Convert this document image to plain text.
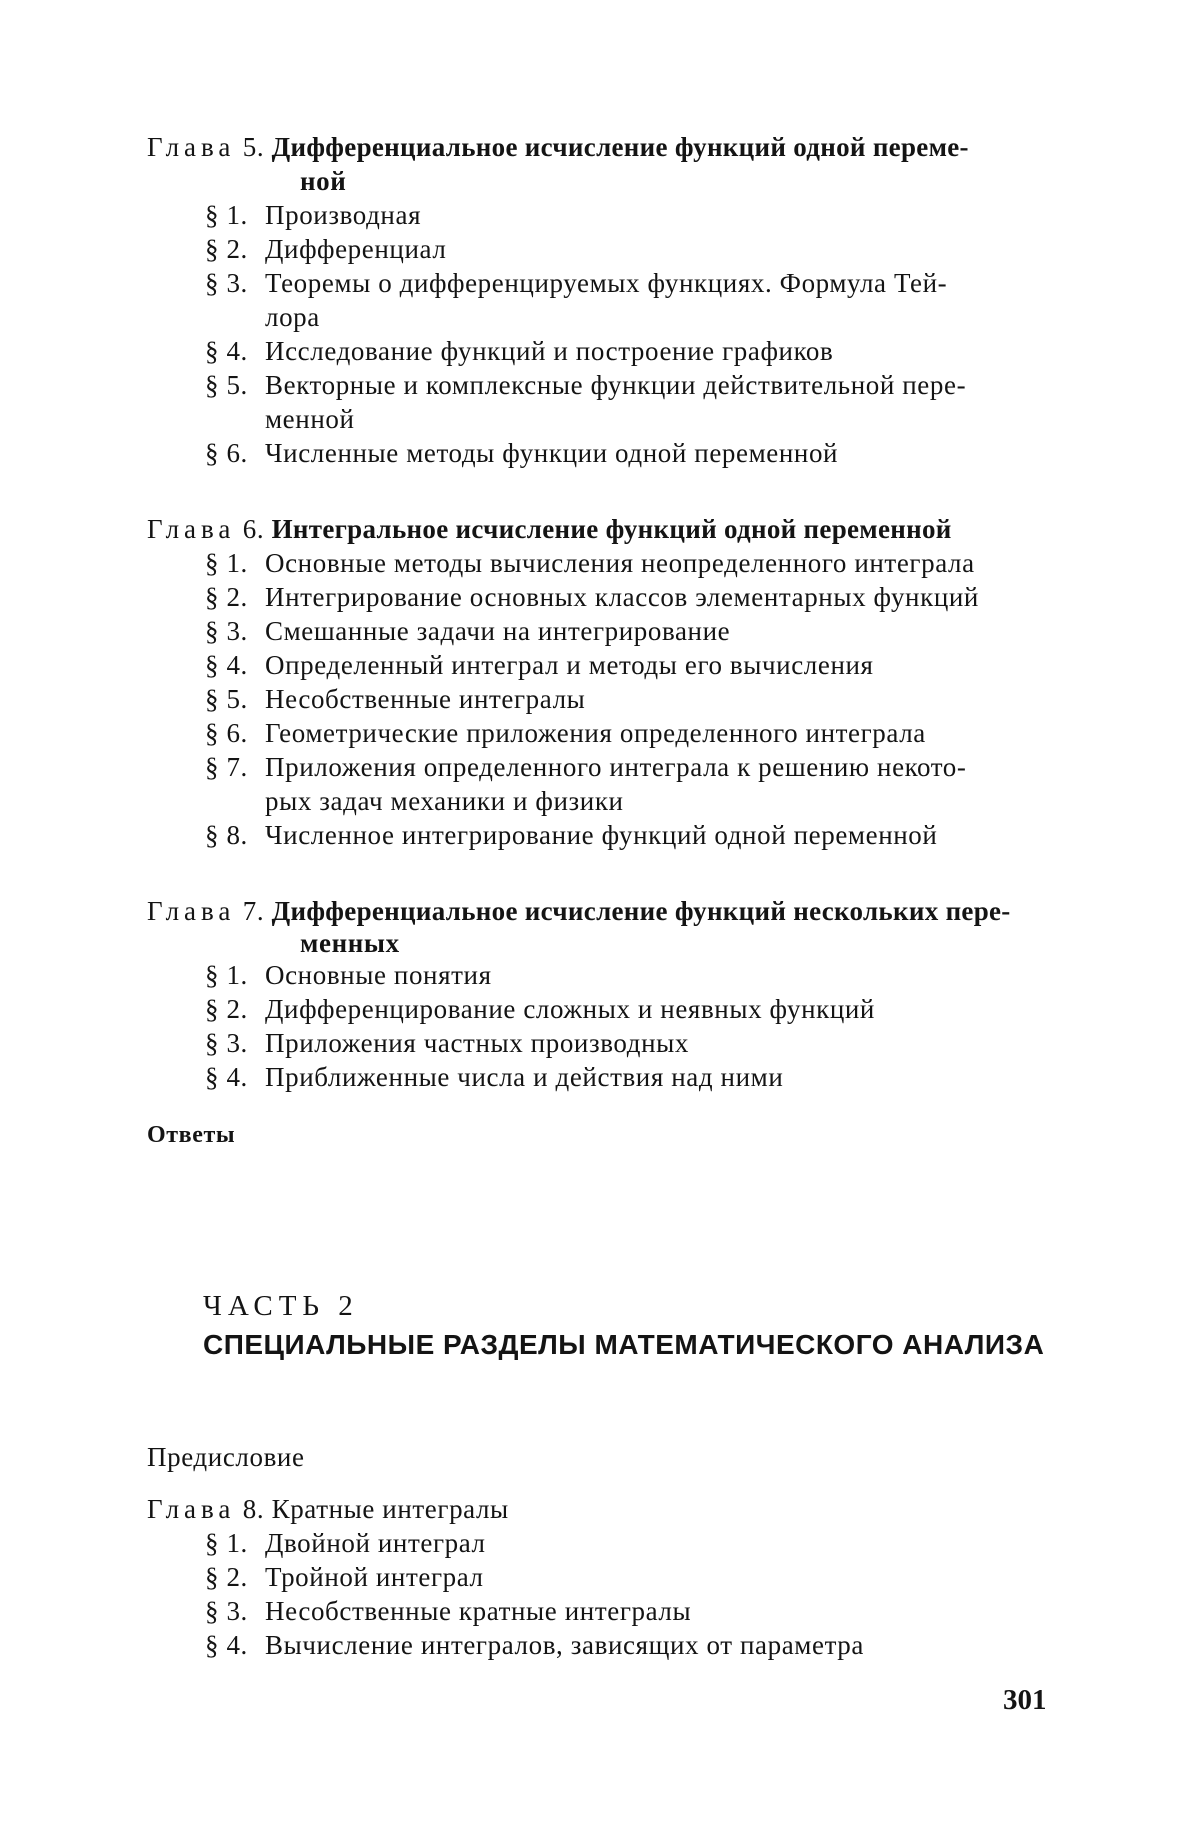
Глава 5. Дифференциальное исчисление функций одной переме-
ной
§ 1. Производная
§ 2. Дифференциал
§ 3. Теоремы о дифференцируемых функциях. Формула Тей-
лора
§ 4. Исследование функций и построение графиков
§ 5. Векторные и комплексные функции действительной пере-
менной
§ 6. Численные методы функции одной переменной
Глава 6. Интегральное исчисление функций одной переменной
§ 1. Основные методы вычисления неопределенного интеграла
§ 2. Интегрирование основных классов элементарных функций
§ 3. Смешанные задачи на интегрирование
§ 4. Определенный интеграл и методы его вычисления
§ 5. Несобственные интегралы
§ 6. Геометрические приложения определенного интеграла
§ 7. Приложения определенного интеграла к решению некото-
рых задач механики и физики
§ 8. Численное интегрирование функций одной переменной
Глава 7. Дифференциальное исчисление функций нескольких пере-
менных
§ 1. Основные понятия
§ 2. Дифференцирование сложных и неявных функций
§ 3. Приложения частных производных
§ 4. Приближенные числа и действия над ними
Ответы
ЧАСТЬ 2
СПЕЦИАЛЬНЫЕ РАЗДЕЛЫ МАТЕМАТИЧЕСКОГО АНАЛИЗА
Предисловие
Глава 8. Кратные интегралы
§ 1. Двойной интеграл
§ 2. Тройной интеграл
§ 3. Несобственные кратные интегралы
§ 4. Вычисление интегралов, зависящих от параметра
301
